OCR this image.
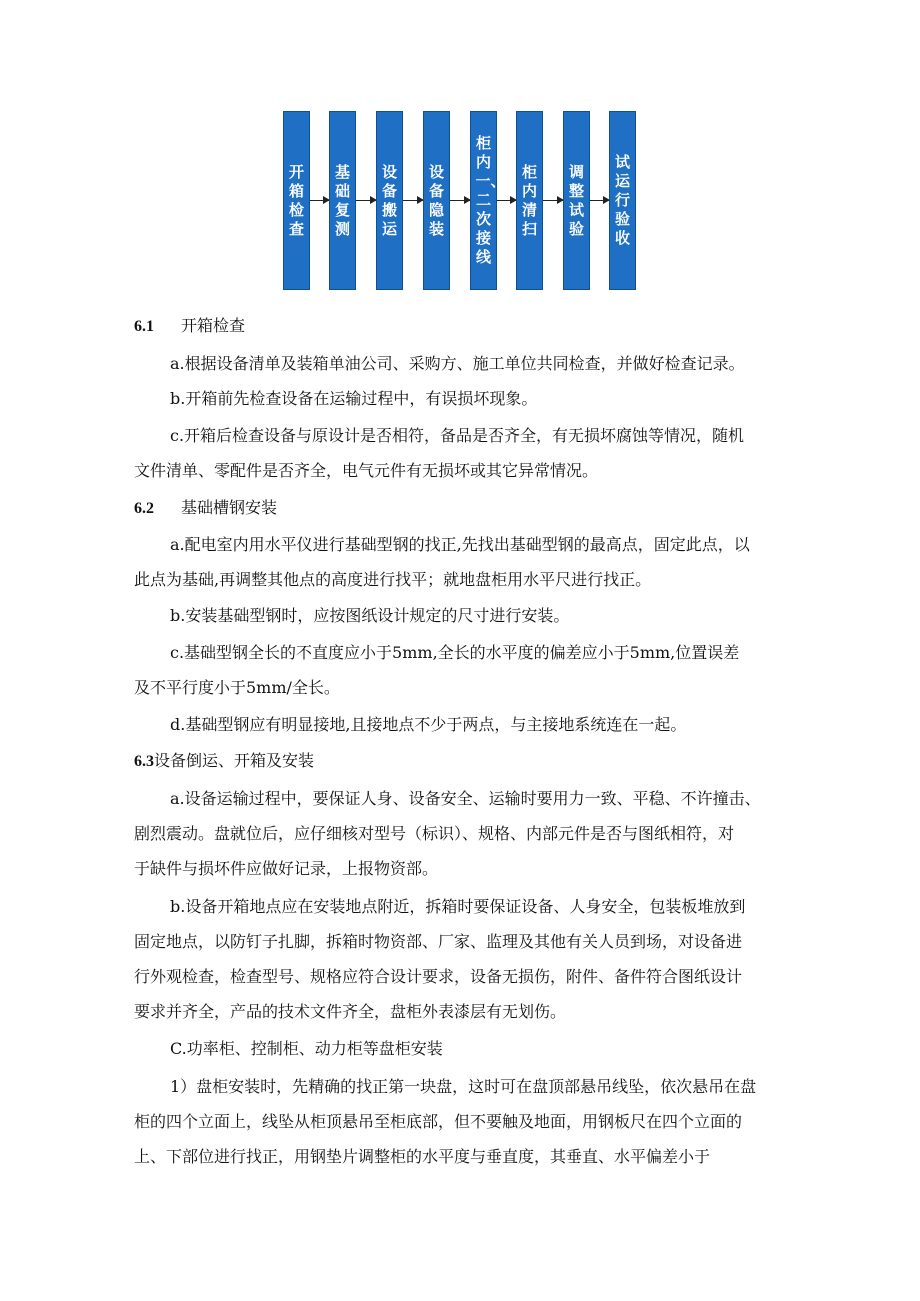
开箱检查
基础复测
设备搬运
设备隐装
柜内一、二次接线
柜内清扫
调整试验
试运行验收
6.1 开箱检查
a.根据设备清单及装箱单油公司、采购方、施工单位共同检查，并做好检查记录。
b.开箱前先检查设备在运输过程中，有误损坏现象。
c.开箱后检查设备与原设计是否相符，备品是否齐全，有无损坏腐蚀等情况，随机
文件清单、零配件是否齐全，电气元件有无损坏或其它异常情况。
6.2 基础槽钢安装
a.配电室内用水平仪进行基础型钢的找正,先找出基础型钢的最高点，固定此点，以
此点为基础,再调整其他点的高度进行找平；就地盘柜用水平尺进行找正。
b.安装基础型钢时，应按图纸设计规定的尺寸进行安装。
c.基础型钢全长的不直度应小于5mm,全长的水平度的偏差应小于5mm,位置误差
及不平行度小于5mm/全长。
d.基础型钢应有明显接地,且接地点不少于两点，与主接地系统连在一起。
6.3设备倒运、开箱及安装
a.设备运输过程中，要保证人身、设备安全、运输时要用力一致、平稳、不许撞击、
剧烈震动。盘就位后，应仔细核对型号（标识）、规格、内部元件是否与图纸相符，对
于缺件与损坏件应做好记录，上报物资部。
b.设备开箱地点应在安装地点附近，拆箱时要保证设备、人身安全，包装板堆放到
固定地点，以防钉子扎脚，拆箱时物资部、厂家、监理及其他有关人员到场，对设备进
行外观检查，检查型号、规格应符合设计要求，设备无损伤，附件、备件符合图纸设计
要求并齐全，产品的技术文件齐全，盘柜外表漆层有无划伤。
C.功率柜、控制柜、动力柜等盘柜安装
1）盘柜安装时，先精确的找正第一块盘，这时可在盘顶部悬吊线坠，依次悬吊在盘
柜的四个立面上，线坠从柜顶悬吊至柜底部，但不要触及地面，用钢板尺在四个立面的
上、下部位进行找正，用钢垫片调整柜的水平度与垂直度，其垂直、水平偏差小于
